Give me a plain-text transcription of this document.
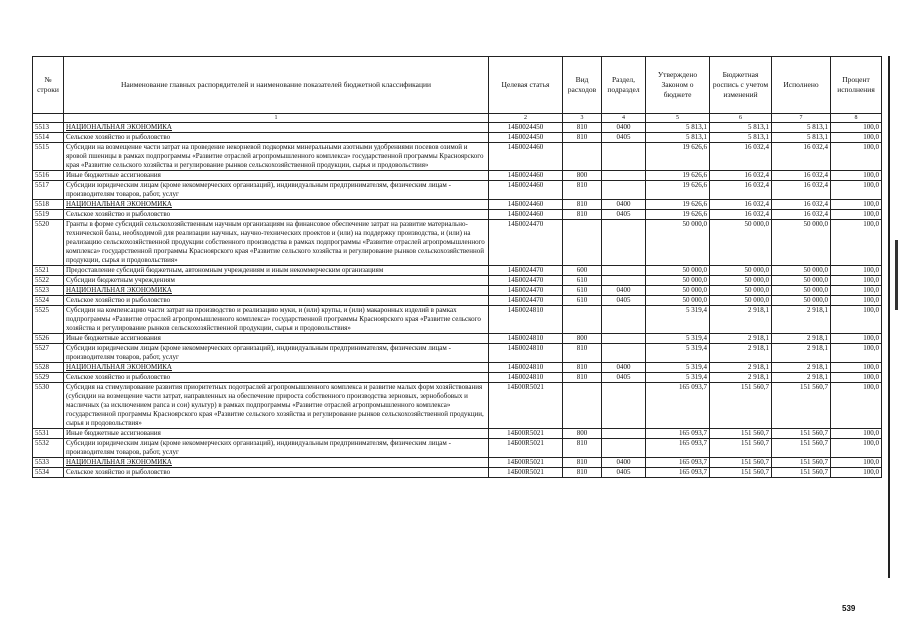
№ строки	Наименование главных распорядителей и наименование показателей бюджетной классификации	Целевая статья	Вид расходов	Раздел, подраздел	Утверждено Законом о бюджете	Бюджетная роспись с учетом изменений	Исполнено	Процент исполнения
	1	2	3	4	5	6	7	8
5513	НАЦИОНАЛЬНАЯ ЭКОНОМИКА	14Б0024450	810	0400	5 813,1	5 813,1	5 813,1	100,0
5514	Сельское хозяйство и рыболовство	14Б0024450	810	0405	5 813,1	5 813,1	5 813,1	100,0
5515	Субсидии на возмещение части затрат на проведение некорневой подкормки минеральными азотными удобрениями посевов озимой и яровой пшеницы в рамках подпрограммы «Развитие отраслей агропромышленного комплекса» государственной программы Красноярского края «Развитие сельского хозяйства и регулирование рынков сельскохозяйственной продукции, сырья и продовольствия»	14Б0024460			19 626,6	16 032,4	16 032,4	100,0
5516	Иные бюджетные ассигнования	14Б0024460	800		19 626,6	16 032,4	16 032,4	100,0
5517	Субсидии юридическим лицам (кроме некоммерческих организаций), индивидуальным предпринимателям, физическим лицам - производителям товаров, работ, услуг	14Б0024460	810		19 626,6	16 032,4	16 032,4	100,0
5518	НАЦИОНАЛЬНАЯ ЭКОНОМИКА	14Б0024460	810	0400	19 626,6	16 032,4	16 032,4	100,0
5519	Сельское хозяйство и рыболовство	14Б0024460	810	0405	19 626,6	16 032,4	16 032,4	100,0
5520	Гранты в форме субсидий сельскохозяйственным научным организациям на финансовое обеспечение затрат на развитие материально-технической базы, необходимой для реализации научных, научно-технических проектов и (или) на поддержку производства, и (или) на реализацию сельскохозяйственной продукции собственного производства в рамках подпрограммы «Развитие отраслей агропромышленного комплекса» государственной программы Красноярского края «Развитие сельского хозяйства и регулирование рынков сельскохозяйственной продукции, сырья и продовольствия»	14Б0024470			50 000,0	50 000,0	50 000,0	100,0
5521	Предоставление субсидий бюджетным, автономным учреждениям и иным некоммерческим организациям	14Б0024470	600		50 000,0	50 000,0	50 000,0	100,0
5522	Субсидии бюджетным учреждениям	14Б0024470	610		50 000,0	50 000,0	50 000,0	100,0
5523	НАЦИОНАЛЬНАЯ ЭКОНОМИКА	14Б0024470	610	0400	50 000,0	50 000,0	50 000,0	100,0
5524	Сельское хозяйство и рыболовство	14Б0024470	610	0405	50 000,0	50 000,0	50 000,0	100,0
5525	Субсидии на компенсацию части затрат на производство и реализацию муки, и (или) крупы, и (или) макаронных изделий в рамках подпрограммы «Развитие отраслей агропромышленного комплекса» государственной программы Красноярского края «Развитие сельского хозяйства и регулирование рынков сельскохозяйственной продукции, сырья и продовольствия»	14Б0024810			5 319,4	2 918,1	2 918,1	100,0
5526	Иные бюджетные ассигнования	14Б0024810	800		5 319,4	2 918,1	2 918,1	100,0
5527	Субсидии юридическим лицам (кроме некоммерческих организаций), индивидуальным предпринимателям, физическим лицам - производителям товаров, работ, услуг	14Б0024810	810		5 319,4	2 918,1	2 918,1	100,0
5528	НАЦИОНАЛЬНАЯ ЭКОНОМИКА	14Б0024810	810	0400	5 319,4	2 918,1	2 918,1	100,0
5529	Сельское хозяйство и рыболовство	14Б0024810	810	0405	5 319,4	2 918,1	2 918,1	100,0
5530	Субсидия на стимулирование развития приоритетных подотраслей агропромышленного комплекса и развитие малых форм хозяйствования (субсидии на возмещение части затрат, направленных на обеспечение прироста собственного производства зерновых, зернобобовых и масличных (за исключением рапса и сои) культур) в рамках подпрограммы «Развитие отраслей агропромышленного комплекса» государственной программы Красноярского края «Развитие сельского хозяйства и регулирование рынков сельскохозяйственной продукции, сырья и продовольствия»	14Б00R5021			165 093,7	151 560,7	151 560,7	100,0
5531	Иные бюджетные ассигнования	14Б00R5021	800		165 093,7	151 560,7	151 560,7	100,0
5532	Субсидии юридическим лицам (кроме некоммерческих организаций), индивидуальным предпринимателям, физическим лицам - производителям товаров, работ, услуг	14Б00R5021	810		165 093,7	151 560,7	151 560,7	100,0
5533	НАЦИОНАЛЬНАЯ ЭКОНОМИКА	14Б00R5021	810	0400	165 093,7	151 560,7	151 560,7	100,0
5534	Сельское хозяйство и рыболовство	14Б00R5021	810	0405	165 093,7	151 560,7	151 560,7	100,0
539
